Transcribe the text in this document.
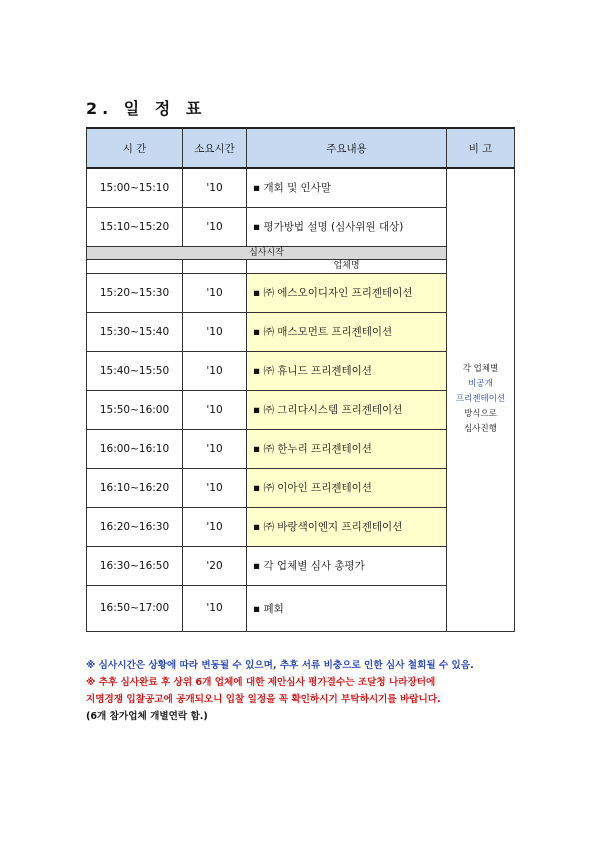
2. 일 정 표
시 간	소요시간	주요내용	비 고
15:00~15:10	'10	▪ 개회 및 인사말	각 업체별
비공개
프리젠테이션
방식으로
심사진행

15:10~15:20	'10	▪ 평가방법 설명 (심사위원 대상)	
심사시작			
		업체명	
15:20~15:30	'10	▪ ㈜ 에스오이디자인 프리젠테이션	
15:30~15:40	'10	▪ ㈜ 매스모먼트 프리젠테이션	
15:40~15:50	'10	▪ ㈜ 휴니드 프리젠테이션	
15:50~16:00	'10	▪ ㈜ 그리다시스템 프리젠테이션	
16:00~16:10	'10	▪ ㈜ 한누리 프리젠테이션	
16:10~16:20	'10	▪ ㈜ 이아인 프리젠테이션	
16:20~16:30	'10	▪ ㈜ 바랑색이엔지 프리젠테이션	
16:30~16:50	'20	▪ 각 업체별 심사 총평가	
16:50~17:00	'10	▪ 폐회	
※ 심사시간은 상황에 따라 변동될 수 있으며, 추후 서류 비충으로 인한 심사 철회될 수 있음.
※ 추후 심사완료 후 상위 6개 업체에 대한 제안심사 평가결수는 조달청 나라장터에
지명경쟁 입찰공고에 공개되오니 입찰 일정을 꼭 확인하시기 부탁하시기를 바랍니다.
(6개 참가업체 개별연락 함.)
